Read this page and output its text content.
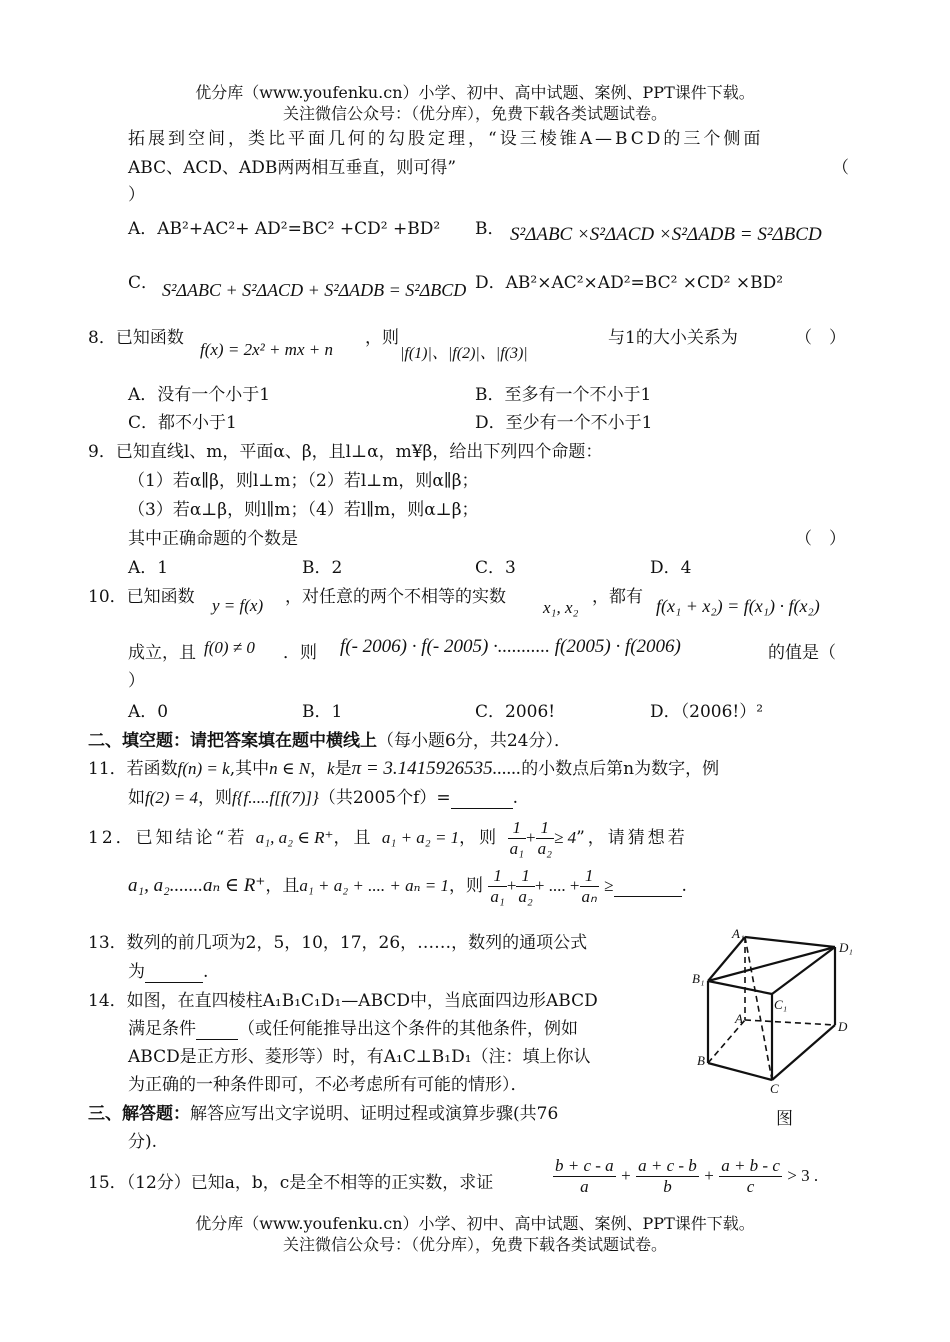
优分库（www.youfenku.cn）小学、初中、高中试题、案例、PPT课件下载。
关注微信公众号：（优分库），免费下载各类试题试卷。
拓展到空间，类比平面几何的勾股定理，“设三棱锥A—BCD的三个侧面
ABC、ACD、ADB两两相互垂直，则可得”	（
）
A．AB²+AC²+ AD²=BC² +CD² +BD² B． S²ΔABC ×S²ΔACD ×S²ΔADB = S²ΔBCD
C． S²ΔABC + S²ΔACD + S²ΔADB = S²ΔBCD D．AB²×AC²×AD²=BC² ×CD² ×BD²
8．已知函数
f(x) = 2x² + mx + n
，则
|f(1)|、|f(2)|、|f(3)|
与1的大小关系为	（　）
A．没有一个小于1	B．至多有一个不小于1
C．都不小于1	D．至少有一个不小于1
9．已知直线l、m，平面α、β，且l⊥α，m¥β，给出下列四个命题：
（1）若α∥β，则l⊥m；（2）若l⊥m，则α∥β；
（3）若α⊥β，则l∥m；（4）若l∥m，则α⊥β；
其中正确命题的个数是	（　）
A．1	B．2	C．3	D．4
10．已知函数 y = f(x) ，对任意的两个不相等的实数
x₁, x₂
，都有 f(x₁ + x₂) = f(x₁) · f(x₂)
成立，且 f(0) ≠ 0 ．则 f(- 2006) · f(- 2005) ·........... f(2005) · f(2006)	的值是（
）
A．0	B．1	C．2006!	D．（2006!）²
二、填空题：请把答案填在题中横线上（每小题6分，共24分）．
11．若函数f(n) = k,其中n ∈ N，k是π = 3.1415926535......的小数点后第n为数字，例
如f(2) = 4，则f{f.....f[f(7)]}（共2005个f）=	.
12．已知结论“若 a₁, a₂ ∈ R⁺，且 a₁ + a₂ = 1，则 $\frac{1}{\text{a₁}} + \frac{1}{\text{a₂}} \ge 4$”，请猜想若
a₁, a₂.......aₙ ∈ R⁺，且a₁ + a₂ + .... + aₙ = 1，则 $\frac{1}{\text{a₁}} + \frac{1}{\text{a₂}}$ + .... + $\frac{1}{\text{aₙ}}$ ≥	.
13．数列的前几项为2，5，10，17，26，……，数列的通项公式
为	.
14．如图，在直四棱柱A₁B₁C₁D₁—ABCD中，当底面四边形ABCD
满足条件 （或任何能推导出这个条件的其他条件，例如
ABCD是正方形、菱形等）时，有A₁C⊥B₁D₁（注：填上你认
为正确的一种条件即可，不必考虑所有可能的情形）．
三、解答题：解答应写出文字说明、证明过程或演算步骤(共76
分).
A₁
D₁
B₁
C₁
A
D
B
C
图
15．（12分）已知a，b，c是全不相等的正实数，求证	$\frac{b + c - a}{a} + \frac{a + c - b}{b} + \frac{a + b - c}{c} > 3$ .
优分库（www.youfenku.cn）小学、初中、高中试题、案例、PPT课件下载。
关注微信公众号：（优分库），免费下载各类试题试卷。
